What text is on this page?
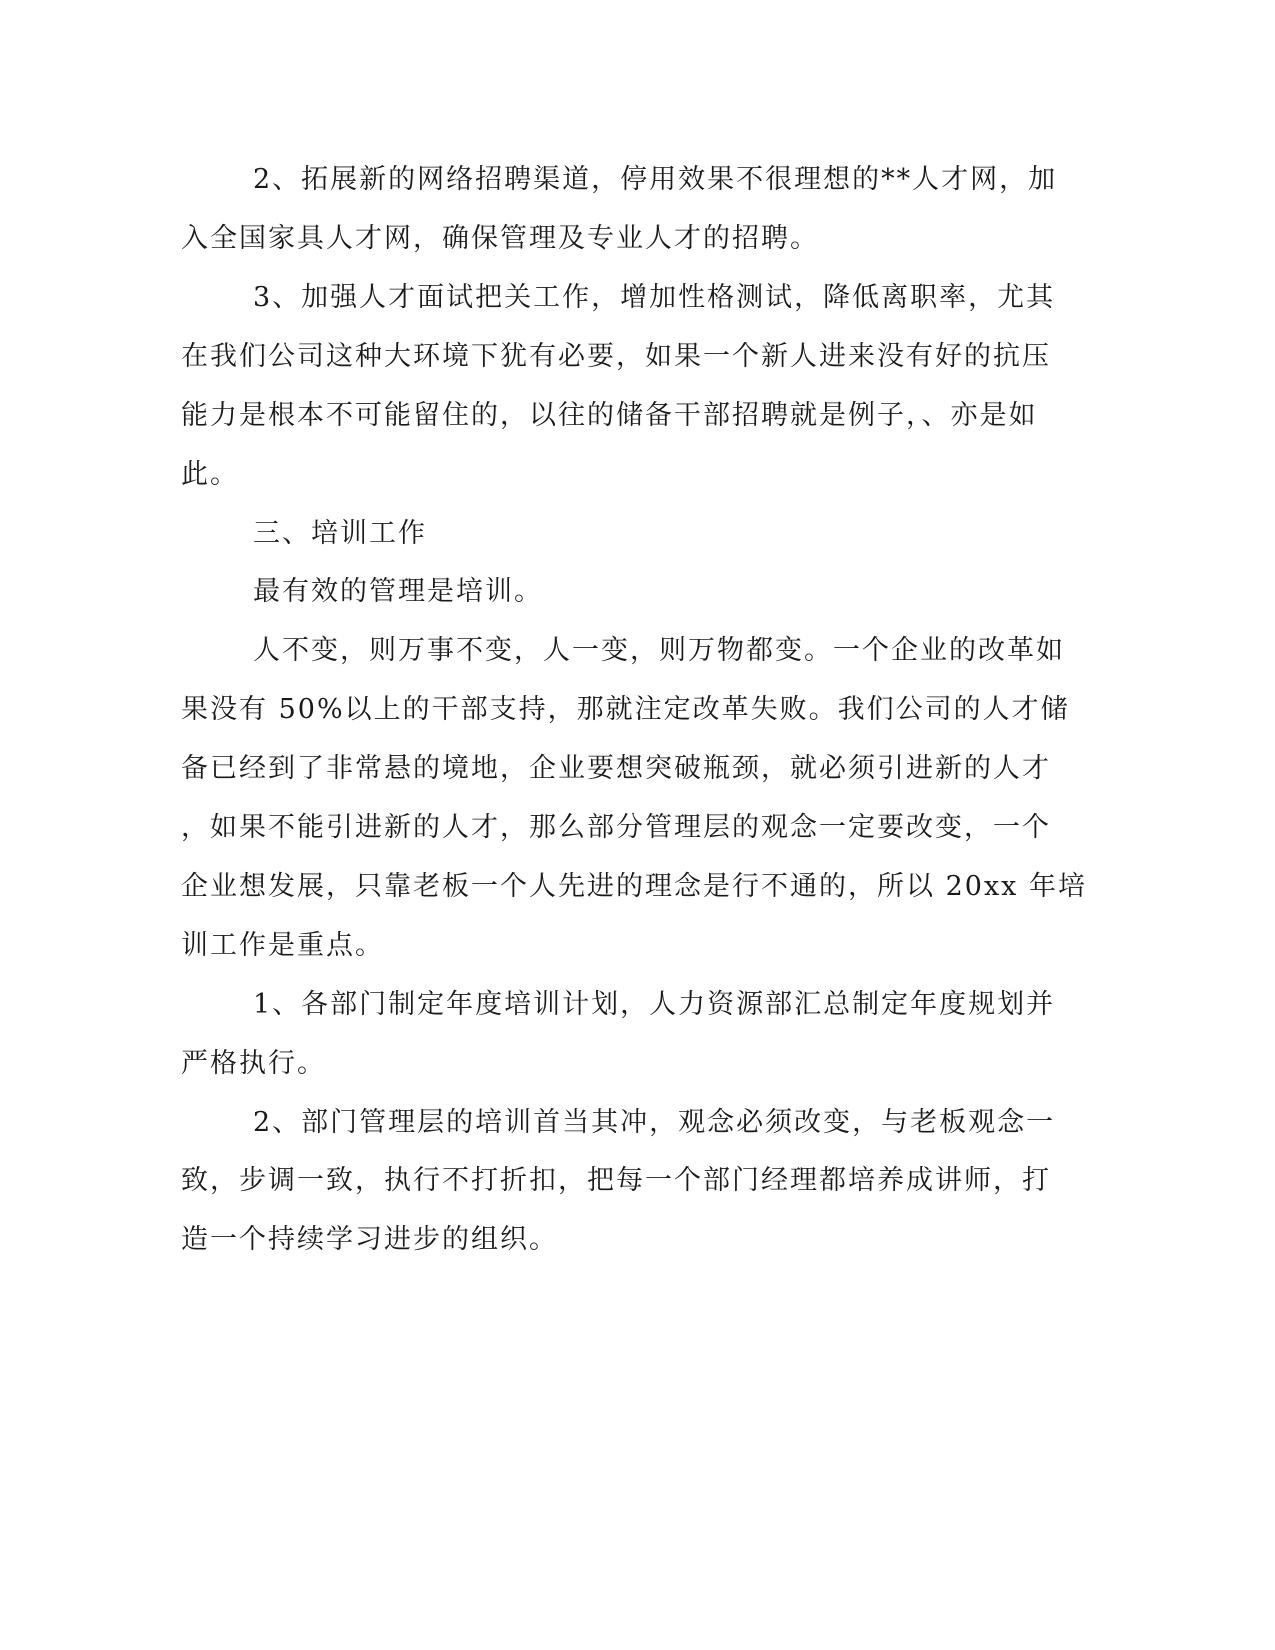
2、拓展新的网络招聘渠道，停用效果不很理想的**人才网，加
入全国家具人才网，确保管理及专业人才的招聘。
3、加强人才面试把关工作，增加性格测试，降低离职率，尤其
在我们公司这种大环境下犹有必要，如果一个新人进来没有好的抗压
能力是根本不可能留住的，以往的储备干部招聘就是例子，、亦是如
此。
三、培训工作
最有效的管理是培训。
人不变，则万事不变，人一变，则万物都变。一个企业的改革如
果没有 50%以上的干部支持，那就注定改革失败。我们公司的人才储
备已经到了非常悬的境地，企业要想突破瓶颈，就必须引进新的人才
，如果不能引进新的人才，那么部分管理层的观念一定要改变，一个
企业想发展，只靠老板一个人先进的理念是行不通的，所以 20xx 年培
训工作是重点。
1、各部门制定年度培训计划，人力资源部汇总制定年度规划并
严格执行。
2、部门管理层的培训首当其冲，观念必须改变，与老板观念一
致，步调一致，执行不打折扣，把每一个部门经理都培养成讲师，打
造一个持续学习进步的组织。
